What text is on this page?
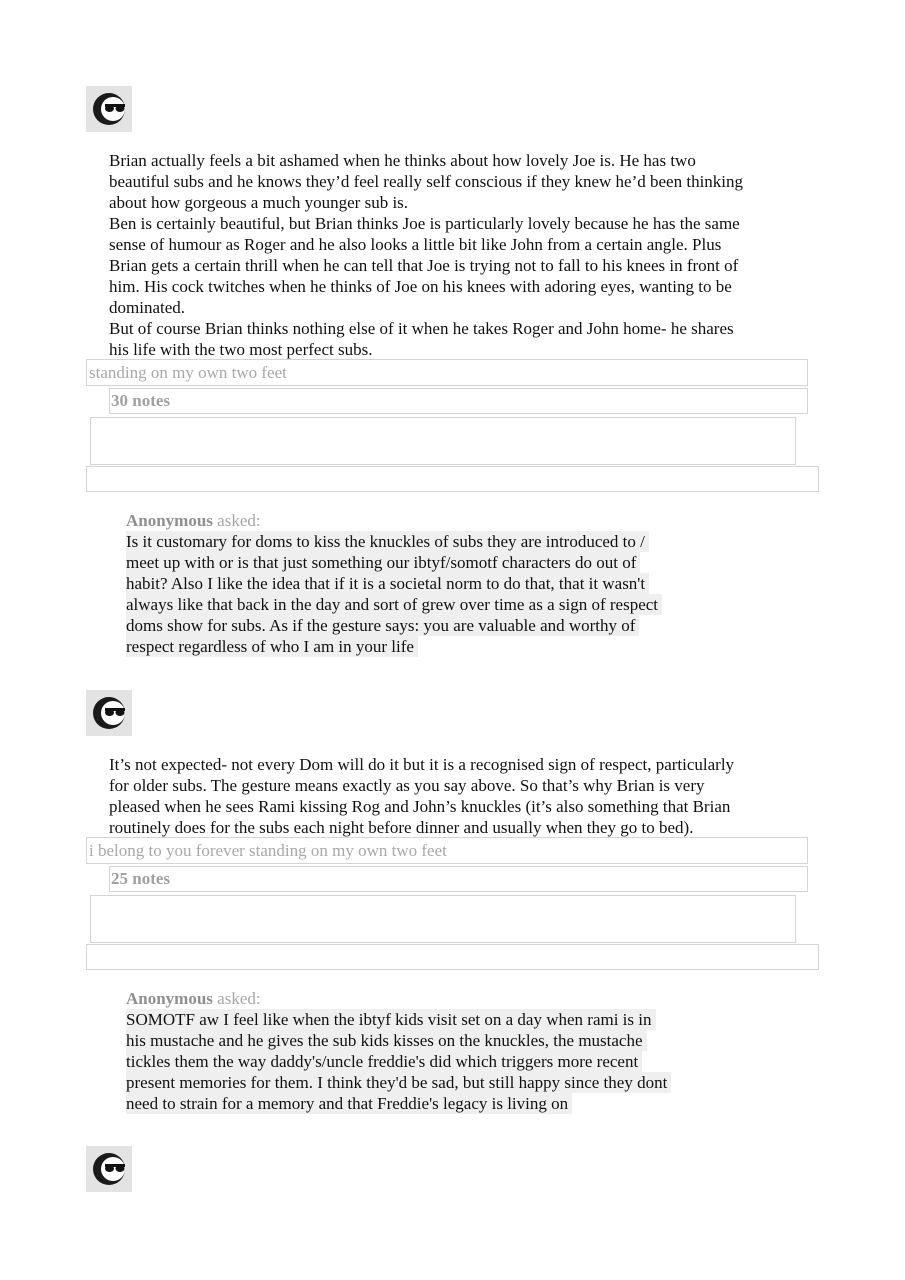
Brian actually feels a bit ashamed when he thinks about how lovely Joe is. He has two

beautiful subs and he knows they’d feel really self conscious if they knew he’d been thinking

about how gorgeous a much younger sub is.

Ben is certainly beautiful, but Brian thinks Joe is particularly lovely because he has the same

sense of humour as Roger and he also looks a little bit like John from a certain angle. Plus

Brian gets a certain thrill when he can tell that Joe is trying not to fall to his knees in front of

him. His cock twitches when he thinks of Joe on his knees with adoring eyes, wanting to be

dominated.

But of course Brian thinks nothing else of it when he takes Roger and John home- he shares

his life with the two most perfect subs.

standing on my own two feet
30 notes
Anonymous asked:
Is it customary for doms to kiss the knuckles of subs they are introduced to /
meet up with or is that just something our ibtyf/somotf characters do out of
habit? Also I like the idea that if it is a societal norm to do that, that it wasn't
always like that back in the day and sort of grew over time as a sign of respect
doms show for subs. As if the gesture says: you are valuable and worthy of
respect regardless of who I am in your life

It’s not expected- not every Dom will do it but it is a recognised sign of respect, particularly

for older subs. The gesture means exactly as you say above. So that’s why Brian is very

pleased when he sees Rami kissing Rog and John’s knuckles (it’s also something that Brian

routinely does for the subs each night before dinner and usually when they go to bed).

i belong to you forever standing on my own two feet
25 notes
Anonymous asked:
SOMOTF aw I feel like when the ibtyf kids visit set on a day when rami is in
his mustache and he gives the sub kids kisses on the knuckles, the mustache
tickles them the way daddy's/uncle freddie's did which triggers more recent
present memories for them. I think they'd be sad, but still happy since they dont
need to strain for a memory and that Freddie's legacy is living on
